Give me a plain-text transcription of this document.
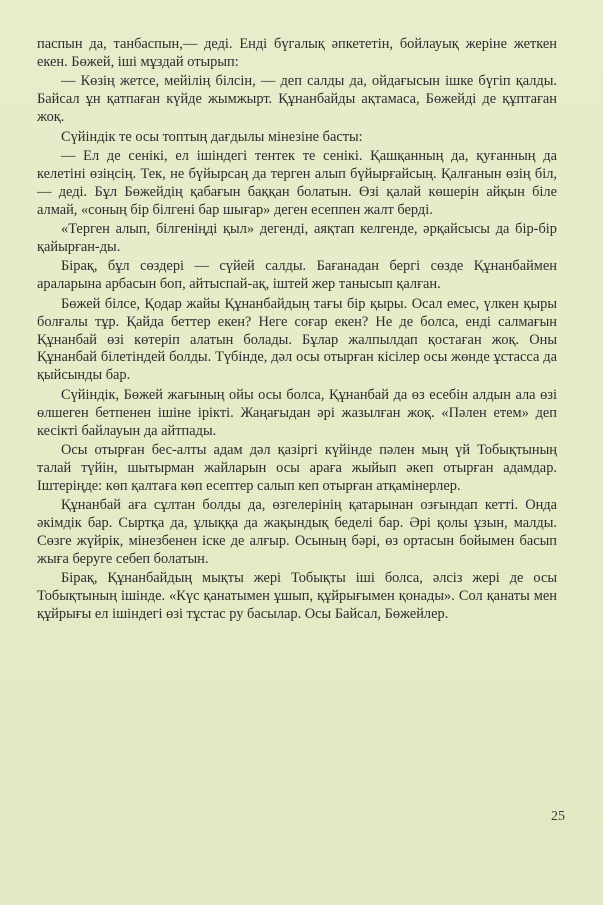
паспын да, танбаспын,— деді. Енді бүгалық әпкететін, бойлауық жеріне жеткен екен. Бөжей, іші мұздай отырып:

— Көзің жетсе, мейілің білсін, — деп салды да, ойдағысын ішке бүгіп қалды. Байсал ұн қатпаған күйде жымжырт. Құнанбайды ақтамаса, Бөжейді де құптаған жоқ.

Сүйіндік те осы топтың дағдылы мінезіне басты:

— Ел де сенікі, ел ішіндегі тентек те сенікі. Қашқанның да, қуғанның да келетіні өзіңсің. Тек, не бүйырсаң да терген алып бүйырғайсың. Қалғанын өзің біл, — деді. Бұл Бөжейдің қабағын баққан болатын. Өзі қалай көшерін айқын біле алмай, «соның бір білгені бар шығар» деген есеппен жалт берді.

«Терген алып, білгеніңді қыл» дегенді, аяқтап келгенде, әрқайсысы да бір-бір қайырған-ды.

Бірақ, бұл сөздері — сүйей салды. Бағанадан бергі сөзде Құнанбаймен араларына арбасын боп, айтыспай-ақ, іштей жер танысып қалған.

Бөжей білсе, Қодар жайы Құнанбайдың тағы бір қыры. Осал емес, үлкен қыры болғалы тұр. Қайда беттер екен? Неге соғар екен? Не де болса, енді салмағын Құнанбай өзі көтеріп алатын болады. Бұлар жалпылдап қостаған жоқ. Оны Құнанбай білетіндей болды. Түбінде, дәл осы отырған кісілер осы жөнде ұстасса да қыйсынды бар.

Сүйіндік, Бөжей жағының ойы осы болса, Құнанбай да өз есебін алдын ала өзі өлшеген бетпенен ішіне ірікті. Жаңағыдан әрі жазылған жоқ. «Пәлен етем» деп кесікті байлауын да айтпады.

Осы отырған бес-алты адам дәл қазіргі күйінде пәлен мың үй Тобықтының талай түйін, шытырман жайларын осы араға жыйып әкеп отырған адамдар. Іштеріңде: көп қалтаға көп есептер салып кеп отырған атқамінерлер.

Құнанбай аға сұлтан болды да, өзгелерінің қатарынан озғындап кетті. Онда әкімдік бар. Сыртқа да, ұлыққа да жақындық беделі бар. Әрі қолы ұзын, малды. Сөзге жүйрік, мінезбенен іске де алғыр. Осының бәрі, өз ортасын бойымен басып жыға беруге себеп болатын.

Бірақ, Құнанбайдың мықты жері Тобықты іші болса, әлсіз жері де осы Тобықтының ішінде. «Күс қанатымен ұшып, құйрығымен қонады». Сол қанаты мен құйрығы ел ішіндегі өзі тұстас ру басылар. Осы Байсал, Бөжейлер.

25
